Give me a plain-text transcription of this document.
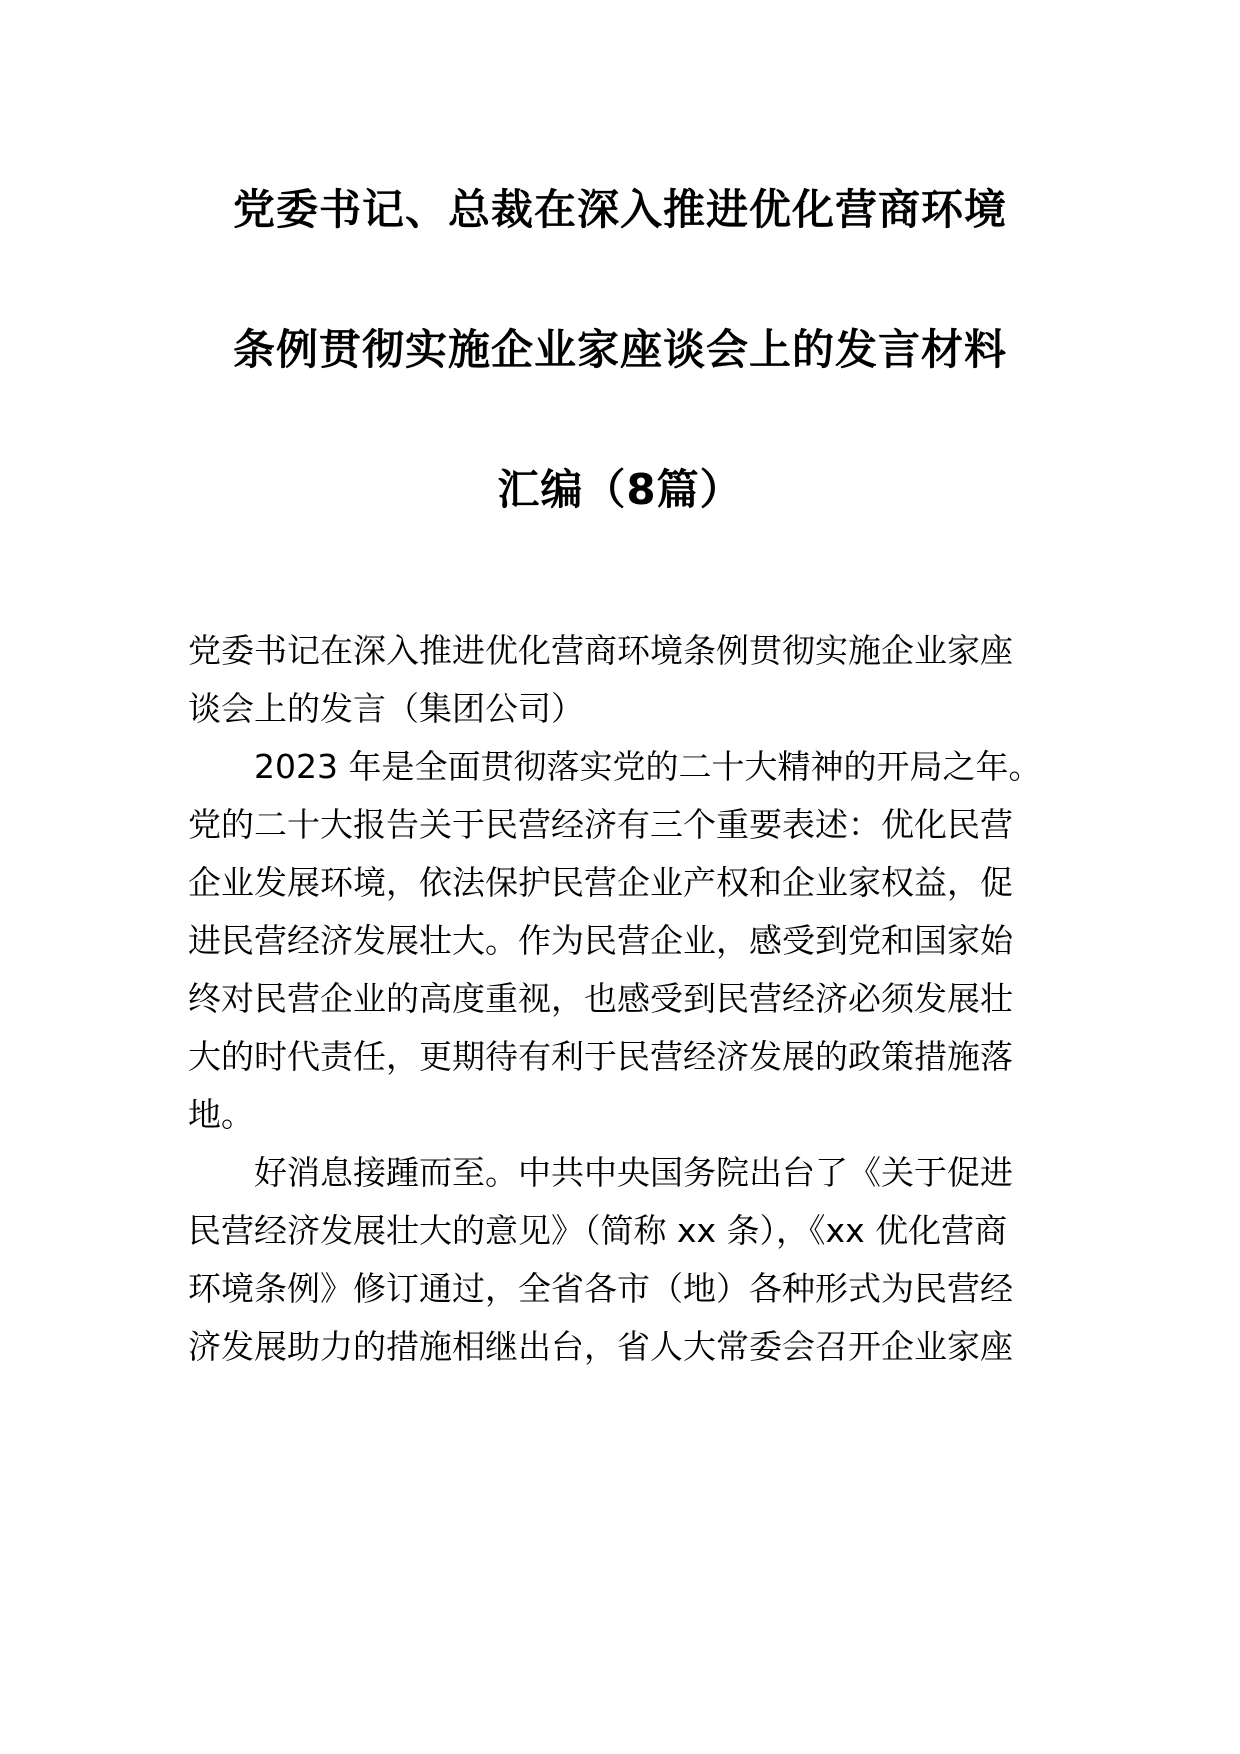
党委书记、总裁在深入推进优化营商环境
条例贯彻实施企业家座谈会上的发言材料
汇编（8篇）
党委书记在深入推进优化营商环境条例贯彻实施企业家座
谈会上的发言（集团公司）
2023 年是全面贯彻落实党的二十大精神的开局之年。
党的二十大报告关于民营经济有三个重要表述：优化民营
企业发展环境，依法保护民营企业产权和企业家权益，促
进民营经济发展壮大。作为民营企业，感受到党和国家始
终对民营企业的高度重视，也感受到民营经济必须发展壮
大的时代责任，更期待有利于民营经济发展的政策措施落
地。
好消息接踵而至。中共中央国务院出台了《关于促进
民营经济发展壮大的意见》（简称 xx 条），《xx 优化营商
环境条例》修订通过，全省各市（地）各种形式为民营经
济发展助力的措施相继出台，省人大常委会召开企业家座
